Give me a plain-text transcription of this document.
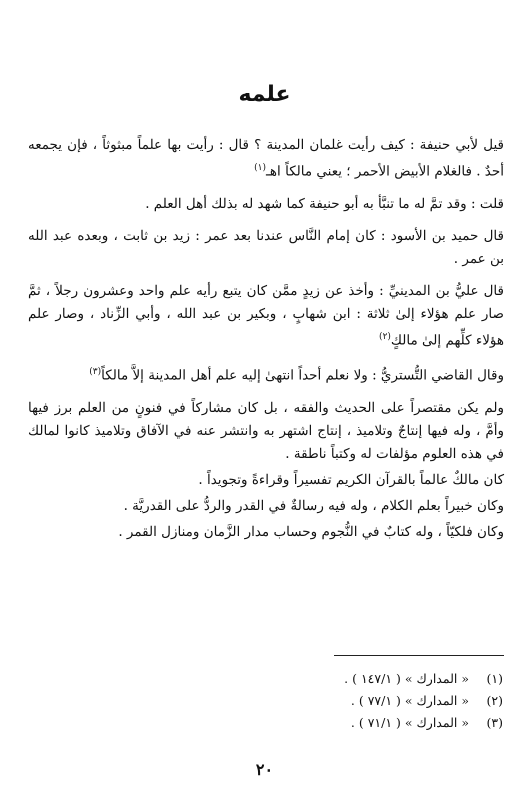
علمه

قيل لأبي حنيفة : كيف رأيت غلمان المدينة ؟ قال : رأيت بها علماً مبثوثاً ، فإن يجمعه أحدٌ . فالغلام الأبيض الأحمر ؛ يعني مالكاً اهـ$^{(١)}$

قلت : وقد تمَّ له ما تنبَّأ به أبو حنيفة كما شهد له بذلك أهل العلم .

قال حميد بن الأسود : كان إمام النَّاس عندنا بعد عمر : زيد بن ثابت ، وبعده عبد الله بن عمر .

قال عليُّ بن المدينيِّ : وأخذ عن زيدٍ ممَّن كان يتبع رأيه علم واحد وعشرون رجلاً ، ثمَّ صار علم هؤلاء إلىٰ ثلاثة : ابن شهابٍ ، وبكير بن عبد الله ، وأبي الزِّناد ، وصار علم هؤلاء كلِّهم إلىٰ مالكٍ$^{(٢)}$

وقال القاضي التُّستريُّ : ولا نعلم أحداً انتهىٰ إليه علم أهل المدينة إلاَّ مالكاً$^{(٣)}$

ولم يكن مقتصراً على الحديث والفقه ، بل كان مشاركاً في فنونٍ من العلم برز فيها وأمَّ ، وله فيها إنتاجٌ وتلاميذ ، إنتاج اشتهر به وانتشر عنه في الآفاق وتلاميذ كانوا لمالك في هذه العلوم مؤلفات له وكتباً ناطقة .

كان مالكٌ عالماً بالقرآن الكريم تفسيراً وقراءةً وتجويداً .

وكان خبيراً بعلم الكلام ، وله فيه رسالةٌ في القدر والردُّ على القدريَّة .

وكان فلكيّاً ، وله كتابٌ في النُّجوم وحساب مدار الزَّمان ومنازل القمر .

(١)
« المدارك » ( ١٤٧/١ ) .
(٢)
« المدارك » ( ٧٧/١ ) .
(٣)
« المدارك » ( ٧١/١ ) .
٢٠
